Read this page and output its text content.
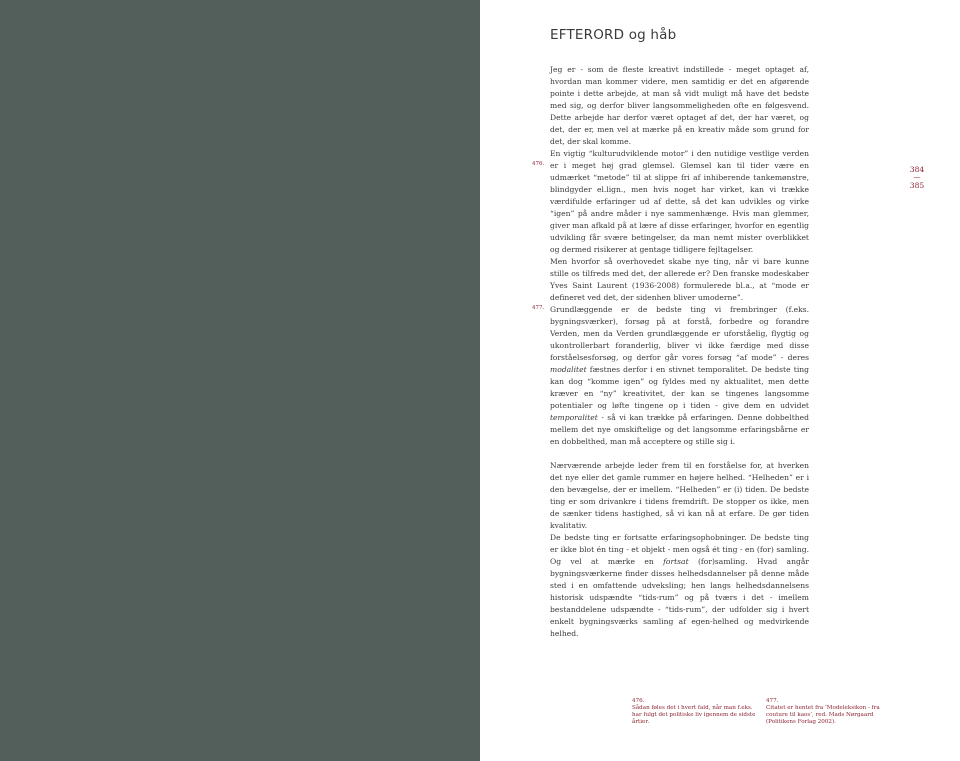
EFTERORD og håb
476.
477.

Jeg er - som de fleste kreativt indstillede - meget optaget af, hvordan man kommer videre, men samtidig er det en afgørende pointe i dette arbejde, at man så vidt muligt må have det bedste med sig, og derfor bliver langsommeligheden ofte en følgesvend. Dette arbejde har derfor været optaget af det, der har været, og det, der er, men vel at mærke på en kreativ måde som grund for det, der skal komme.

En vigtig “kulturudviklende motor” i den nutidige vestlige verden er i meget høj grad glemsel. Glemsel kan til tider være en udmærket “metode” til at slippe fri af inhiberende tankemønstre, blindgyder el.lign., men hvis noget har virket, kan vi trække værdifulde erfaringer ud af dette, så det kan udvikles og virke “igen” på andre måder i nye sammenhænge. Hvis man glemmer, giver man afkald på at lære af disse erfaringer, hvorfor en egentlig udvikling får svære betingelser, da man nemt mister overblikket og dermed risikerer at gentage tidligere fejltagelser.

Men hvorfor så overhovedet skabe nye ting, når vi bare kunne stille os tilfreds med det, der allerede er? Den franske modeskaber Yves Saint Laurent (1936-2008) formulerede bl.a., at “mode er defineret ved det, der sidenhen bliver umoderne”.

Grundlæggende er de bedste ting vi frembringer (f.eks. bygningsværker), forsøg på at forstå, forbedre og forandre Verden, men da Verden grundlæggende er uforståelig, flygtig og ukontrollerbart foranderlig, bliver vi ikke færdige med disse forståelsesforsøg, og derfor går vores forsøg “af mode” - deres modalitet fæstnes derfor i en stivnet temporalitet. De bedste ting kan dog “komme igen” og fyldes med ny aktualitet, men dette kræver en “ny” kreativitet, der kan se tingenes langsomme potentialer og løfte tingene op i tiden - give dem en udvidet temporalitet - så vi kan trække på erfaringen. Denne dobbelthed mellem det nye omskiftelige og det langsomme erfaringsbårne er en dobbelthed, man må acceptere og stille sig i.

Nærværende arbejde leder frem til en forståelse for, at hverken det nye eller det gamle rummer en højere helhed. “Helheden” er i den bevægelse, der er imellem. “Helheden” er (i) tiden. De bedste ting er som drivankre i tidens fremdrift. De stopper os ikke, men de sænker tidens hastighed, så vi kan nå at erfare. De gør tiden kvalitativ.

De bedste ting er fortsatte erfaringsophobninger. De bedste ting er ikke blot én ting - et objekt - men også ét ting - en (for) samling. Og vel at mærke en fortsat (for)samling. Hvad angår bygningsværkerne finder disses helhedsdannelser på denne måde sted i en omfattende udveksling; hen langs helhedsdannelsens historisk udspændte “tids-rum” og på tværs i det - imellem bestanddelene udspændte - “tids-rum”, der udfolder sig i hvert enkelt bygningsværks samling af egen-helhed og medvirkende helhed.

384
—
385
476.
Sådan føles det i hvert fald, når man f.eks. har fulgt det politiske liv igennem de sidste årtier.
477.
Citatet er hentet fra ‘Modeleksikon - fra couture til kaos’, red. Mads Nørgaard (Politikens Forlag 2002).
